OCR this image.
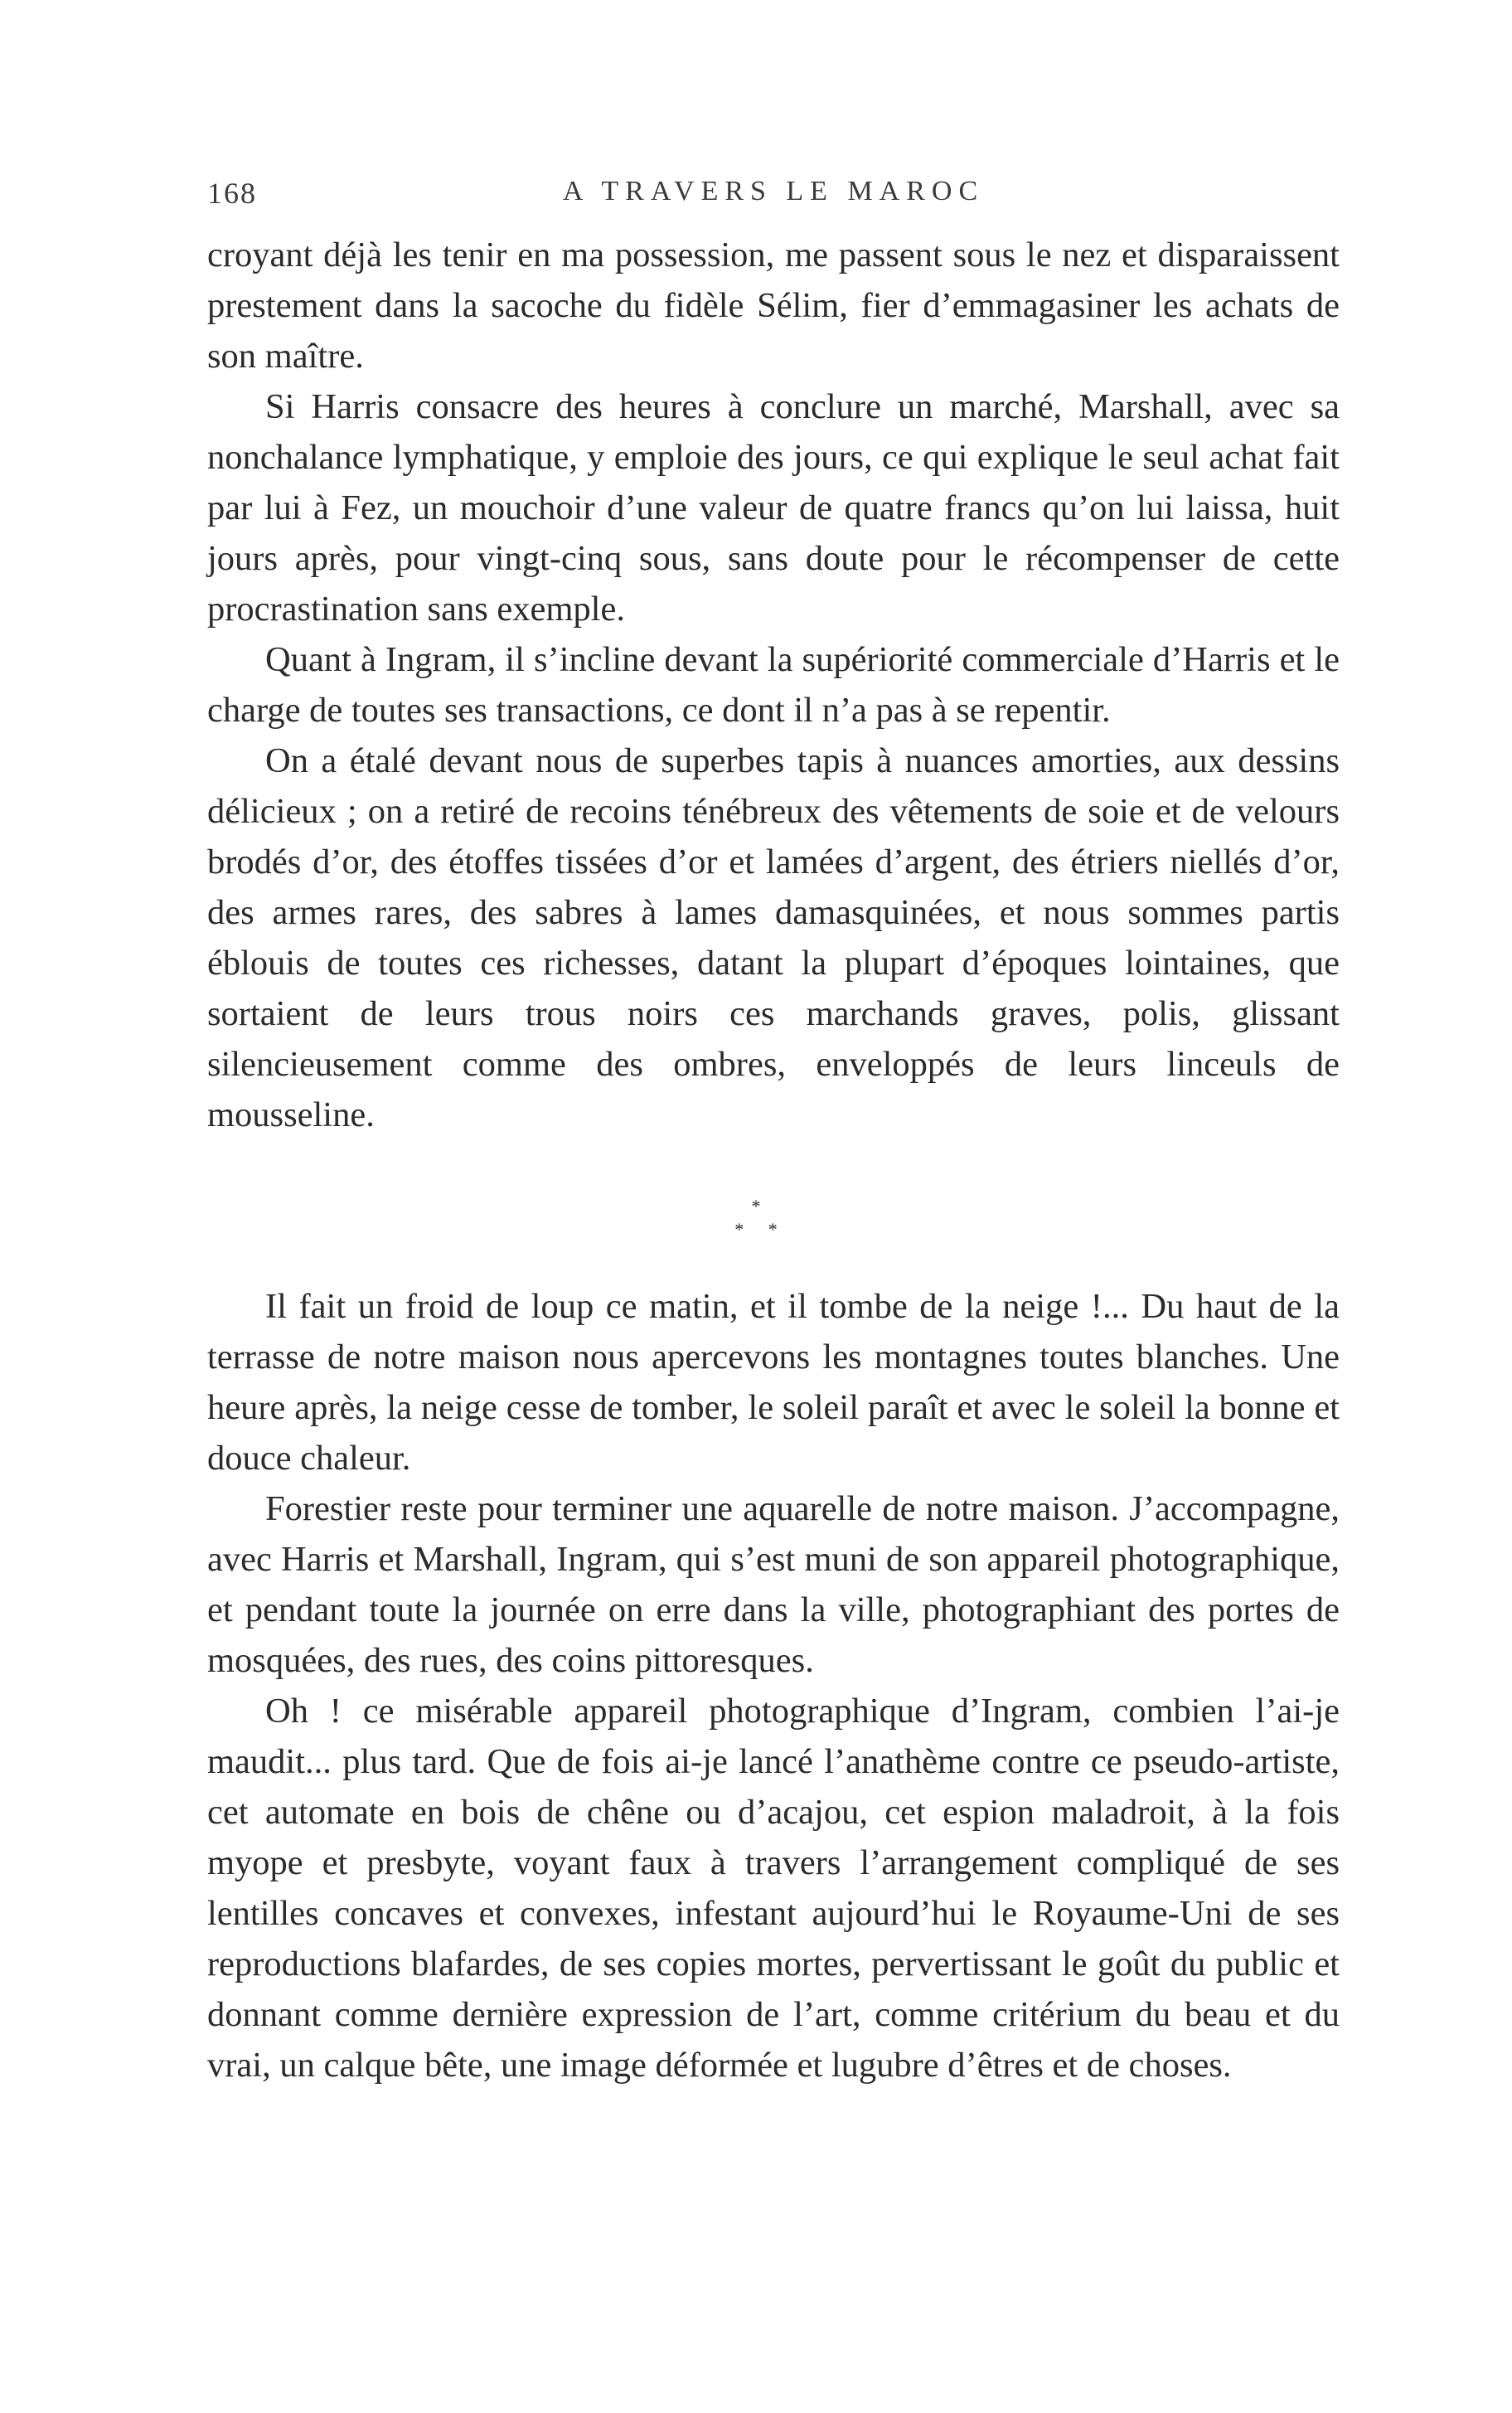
168	A TRAVERS LE MAROC

croyant déjà les tenir en ma possession, me passent sous le nez et disparaissent prestement dans la sacoche du fidèle Sélim, fier d’emmagasiner les achats de son maître.

Si Harris consacre des heures à conclure un marché, Marshall, avec sa nonchalance lymphatique, y emploie des jours, ce qui explique le seul achat fait par lui à Fez, un mouchoir d’une valeur de quatre francs qu’on lui laissa, huit jours après, pour vingt-cinq sous, sans doute pour le récompenser de cette procrastination sans exemple.

Quant à Ingram, il s’incline devant la supériorité commerciale d’Harris et le charge de toutes ses transactions, ce dont il n’a pas à se repentir.

On a étalé devant nous de superbes tapis à nuances amorties, aux dessins délicieux ; on a retiré de recoins ténébreux des vêtements de soie et de velours brodés d’or, des étoffes tissées d’or et lamées d’argent, des étriers niellés d’or, des armes rares, des sabres à lames damasquinées, et nous sommes partis éblouis de toutes ces richesses, datant la plupart d’époques lointaines, que sortaient de leurs trous noirs ces marchands graves, polis, glissant silencieusement comme des ombres, enveloppés de leurs linceuls de mousseline.

*
* *

Il fait un froid de loup ce matin, et il tombe de la neige !... Du haut de la terrasse de notre maison nous apercevons les montagnes toutes blanches. Une heure après, la neige cesse de tomber, le soleil paraît et avec le soleil la bonne et douce chaleur.

Forestier reste pour terminer une aquarelle de notre maison. J’accompagne, avec Harris et Marshall, Ingram, qui s’est muni de son appareil photographique, et pendant toute la journée on erre dans la ville, photographiant des portes de mosquées, des rues, des coins pittoresques.

Oh ! ce misérable appareil photographique d’Ingram, combien l’ai-je maudit... plus tard. Que de fois ai-je lancé l’anathème contre ce pseudo-artiste, cet automate en bois de chêne ou d’acajou, cet espion maladroit, à la fois myope et presbyte, voyant faux à travers l’arrangement compliqué de ses lentilles concaves et convexes, infestant aujourd’hui le Royaume-Uni de ses reproductions blafardes, de ses copies mortes, pervertissant le goût du public et donnant comme dernière expression de l’art, comme critérium du beau et du vrai, un calque bête, une image déformée et lugubre d’êtres et de choses.
